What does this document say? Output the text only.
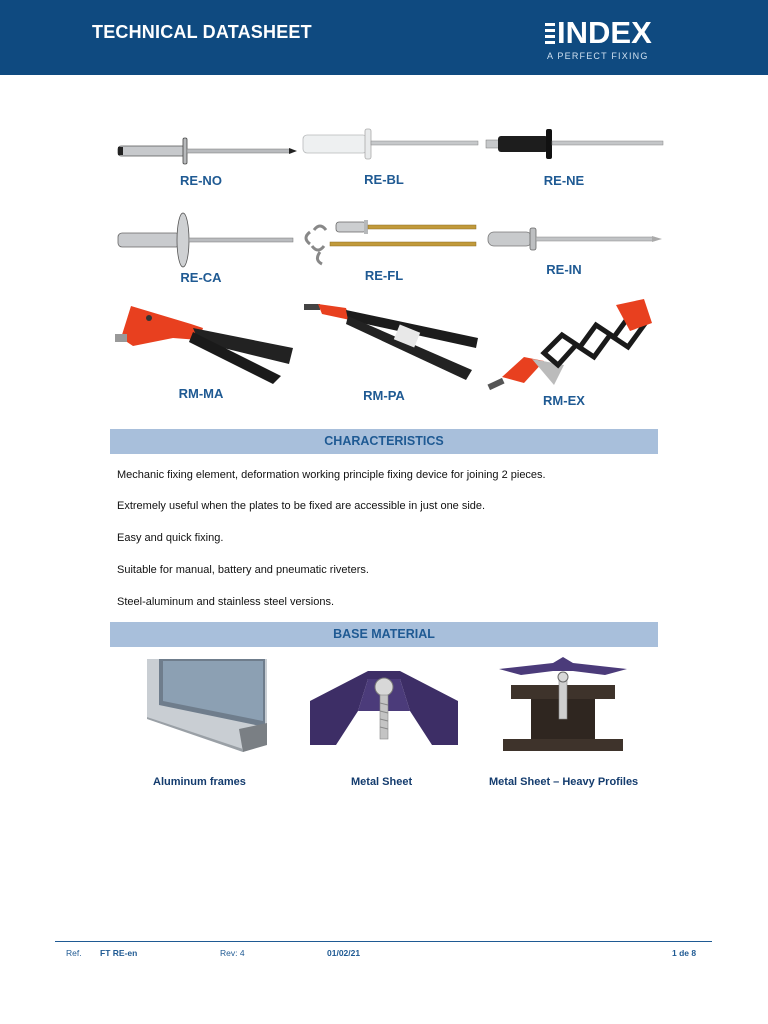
TECHNICAL DATASHEET	INDEX
A PERFECT FIXING
RE-NO	RE-BL	RE-NE
RE-CA	RE-FL	RE-IN
RM-MA	RM-PA	RM-EX
CHARACTERISTICS
Mechanic fixing element, deformation working principle fixing device for joining 2 pieces.
Extremely useful when the plates to be fixed are accessible in just one side.
Easy and quick fixing.
Suitable for manual, battery and pneumatic riveters.
Steel-aluminum and stainless steel versions.
BASE MATERIAL
Aluminum frames	Metal Sheet	Metal Sheet – Heavy Profiles
Ref. FT RE-en	Rev: 4	01/02/21	1 de 8
